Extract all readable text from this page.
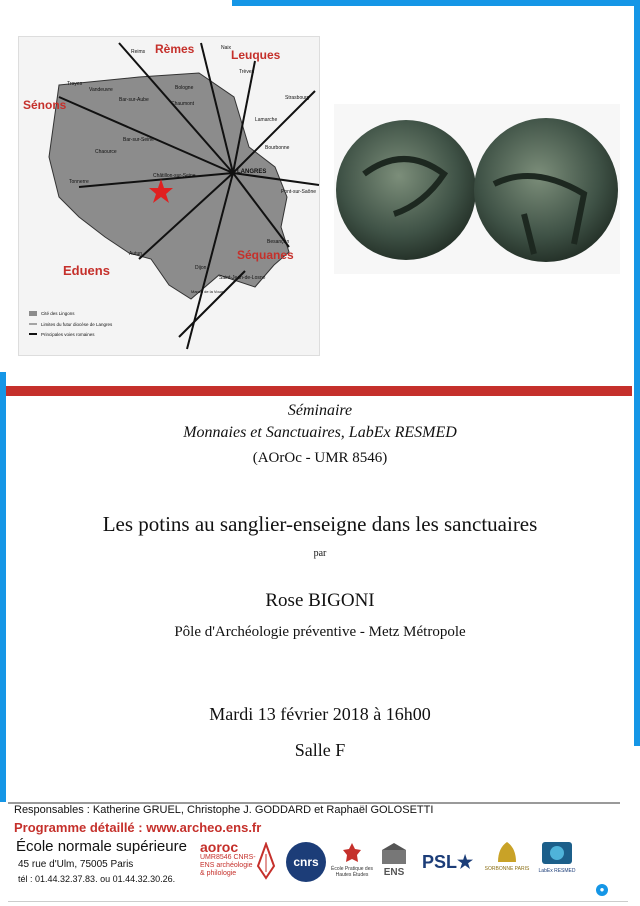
Rèmes	Leuques
Sénons
Eduens
Séquanes
Reims
Naix
Troyes
Vandeuvre
Bar-sur-Aube
Bologne
Chaumont
Trèves
Strasbourg
Lamarche
Bourbonne
Chaource
Bar-sur-Seine
LANGRES
Tonnerre
Châtillon-sur-Seine
Pont-sur-Saône
Besançon
Autun
Dijon
Saint-Jean-de-Losne
Marais de la Vouge
Cité des Lingons
Limites du futur diocèse de Langres
Principales voies romaines
Séminaire
Monnaies et Sanctuaires, LabEx RESMED
(AOrOc - UMR 8546)
Les potins au sanglier-enseigne dans les sanctuaires
par
Rose BIGONI
Pôle d'Archéologie préventive - Metz Métropole
Mardi 13 février 2018 à 16h00
Salle F
Responsables : Katherine GRUEL, Christophe J. GODDARD et Raphaël GOLOSETTI
Programme détaillé : www.archeo.ens.fr
École normale supérieure
45 rue d'Ulm, 75005 Paris
tél : 01.44.32.37.83. ou 01.44.32.30.26.
aoroc
UMR8546 CNRS-ENS archéologie & philologie
cnrs	École Pratique des Hautes Études	ENS
PSL★ SORBONNE PARIS	LabEx RESMED
●
